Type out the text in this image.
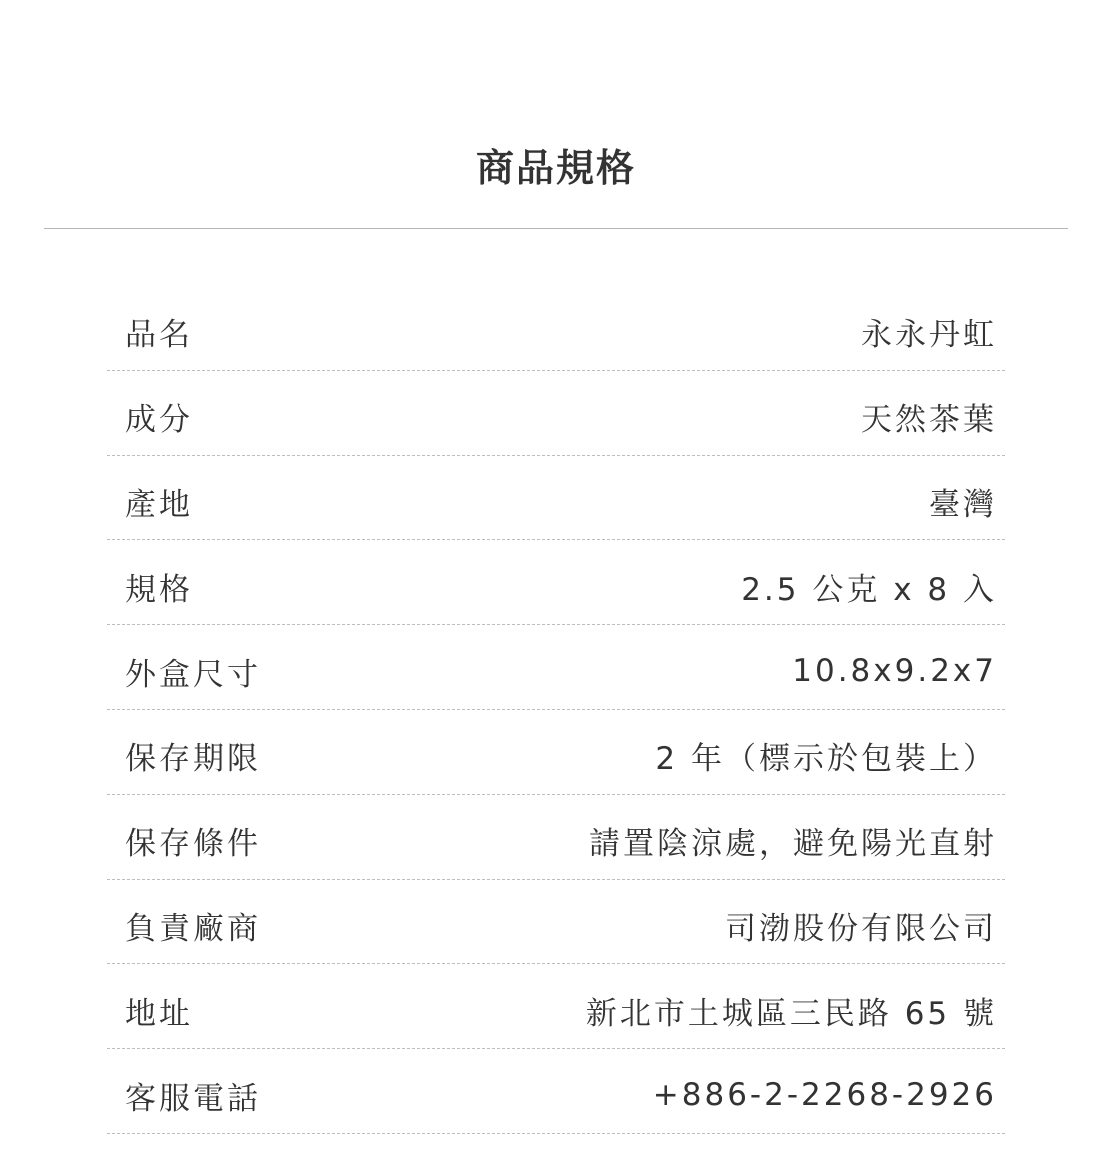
商品規格
品名	永永丹虹
成分	天然茶葉
產地	臺灣
規格	2.5 公克 x 8 入
外盒尺寸	10.8x9.2x7
保存期限	2 年（標示於包裝上）
保存條件	請置陰涼處，避免陽光直射
負責廠商	司渤股份有限公司
地址	新北市土城區三民路 65 號
客服電話	+886-2-2268-2926
